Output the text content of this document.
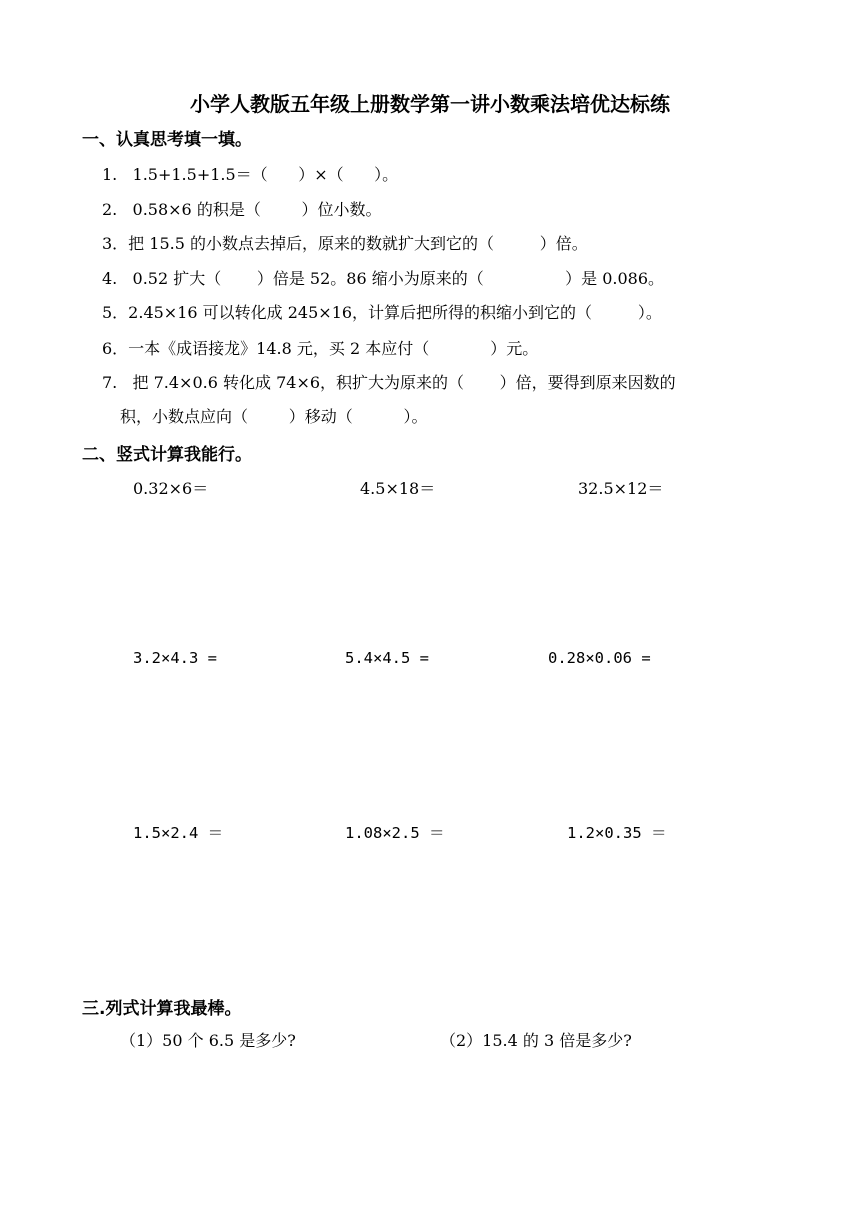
小学人教版五年级上册数学第一讲小数乘法培优达标练
一、认真思考填一填。
1.   1.5+1.5+1.5＝（      ）×（      ）。
2.   0.58×6 的积是（        ）位小数。
3．把 15.5 的小数点去掉后，原来的数就扩大到它的（         ）倍。
4.   0.52 扩大（       ）倍是 52。86 缩小为原来的（                ）是 0.086。
5．2.45×16 可以转化成 245×16，计算后把所得的积缩小到它的（         ）。
6．一本《成语接龙》14.8 元，买 2 本应付（            ）元。
7.   把 7.4×0.6 转化成 74×6，积扩大为原来的（       ）倍，要得到原来因数的
积，小数点应向（        ）移动（          ）。
二、竖式计算我能行。
0.32×6＝	4.5×18＝	32.5×12＝
3.2×4.3 =	5.4×4.5 =	0.28×0.06 =
1.5×2.4 ＝	1.08×2.5 ＝	1.2×0.35 ＝
三.列式计算我最棒。
（1）50 个 6.5 是多少?	（2）15.4 的 3 倍是多少?
